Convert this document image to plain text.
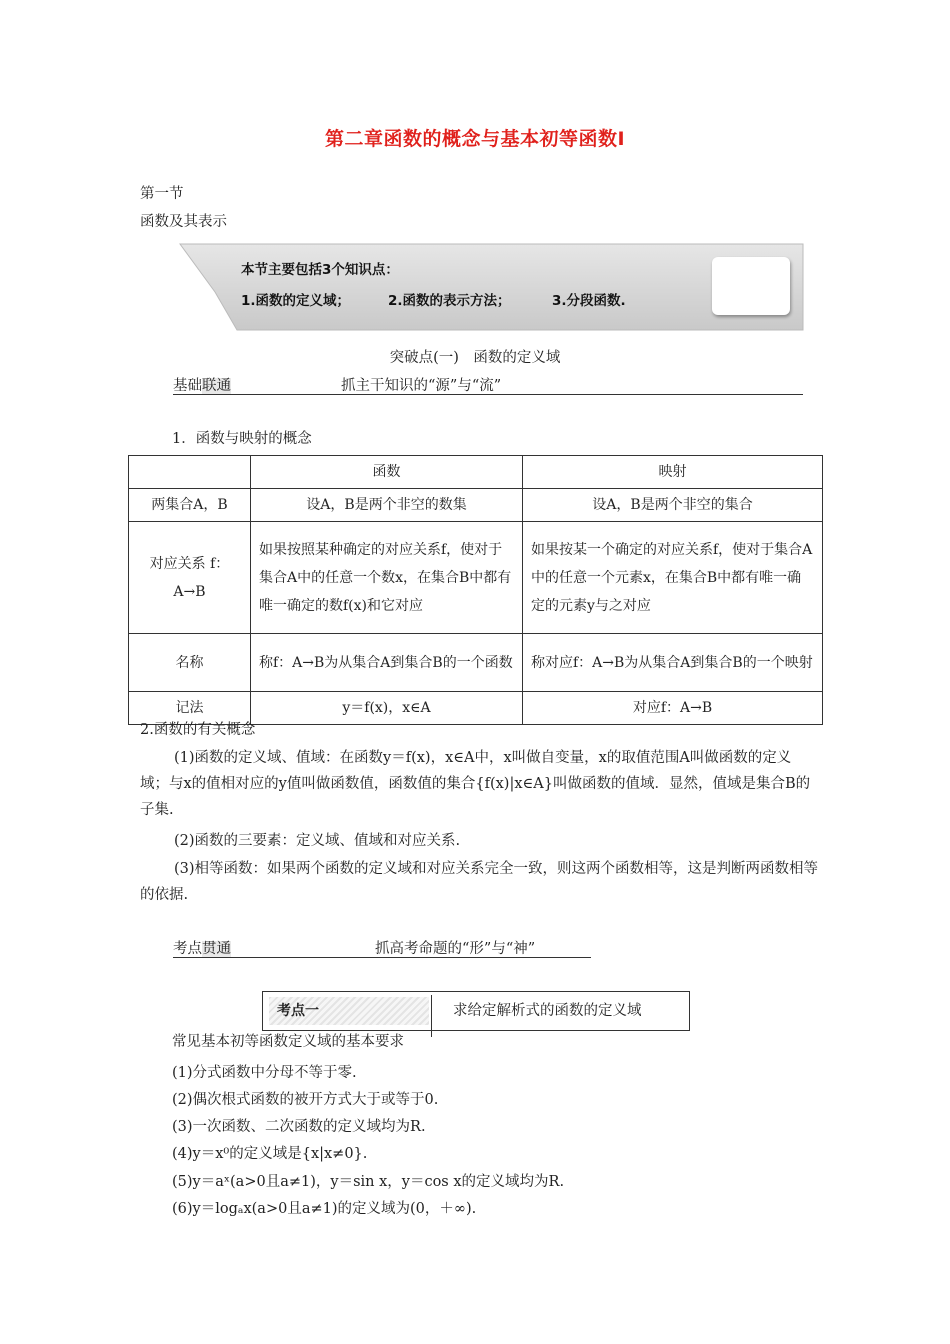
第二章函数的概念与基本初等函数Ⅰ
第一节
函数及其表示
本节主要包括3个知识点：
1.函数的定义域；	2.函数的表示方法；	3.分段函数.
突破点(一)　函数的定义域
基础联通	抓主干知识的“源”与“流”
1．函数与映射的概念
	函数	映射
两集合A，B	设A，B是两个非空的数集	设A，B是两个非空的集合
对应关系 f：A→B	如果按照某种确定的对应关系f，使对于集合A中的任意一个数x，在集合B中都有唯一确定的数f(x)和它对应	如果按某一个确定的对应关系f，使对于集合A中的任意一个元素x，在集合B中都有唯一确定的元素y与之对应
名称	称f：A→B为从集合A到集合B的一个函数	称对应f：A→B为从集合A到集合B的一个映射
记法	y＝f(x)，x∈A	对应f：A→B
2.函数的有关概念
(1)函数的定义域、值域：在函数y＝f(x)，x∈A中，x叫做自变量，x的取值范围A叫做函数的定义域；与x的值相对应的y值叫做函数值，函数值的集合{f(x)|x∈A}叫做函数的值域．显然，值域是集合B的子集.
(2)函数的三要素：定义域、值域和对应关系.
(3)相等函数：如果两个函数的定义域和对应关系完全一致，则这两个函数相等，这是判断两函数相等的依据.
考点贯通	抓高考命题的“形”与“神”
考点一	求给定解析式的函数的定义域
常见基本初等函数定义域的基本要求
(1)分式函数中分母不等于零.
(2)偶次根式函数的被开方式大于或等于0.
(3)一次函数、二次函数的定义域均为R.
(4)y＝x⁰的定义域是{x|x≠0}.
(5)y＝aˣ(a>0且a≠1)，y＝sin x，y＝cos x的定义域均为R.
(6)y＝logₐx(a>0且a≠1)的定义域为(0，＋∞).
